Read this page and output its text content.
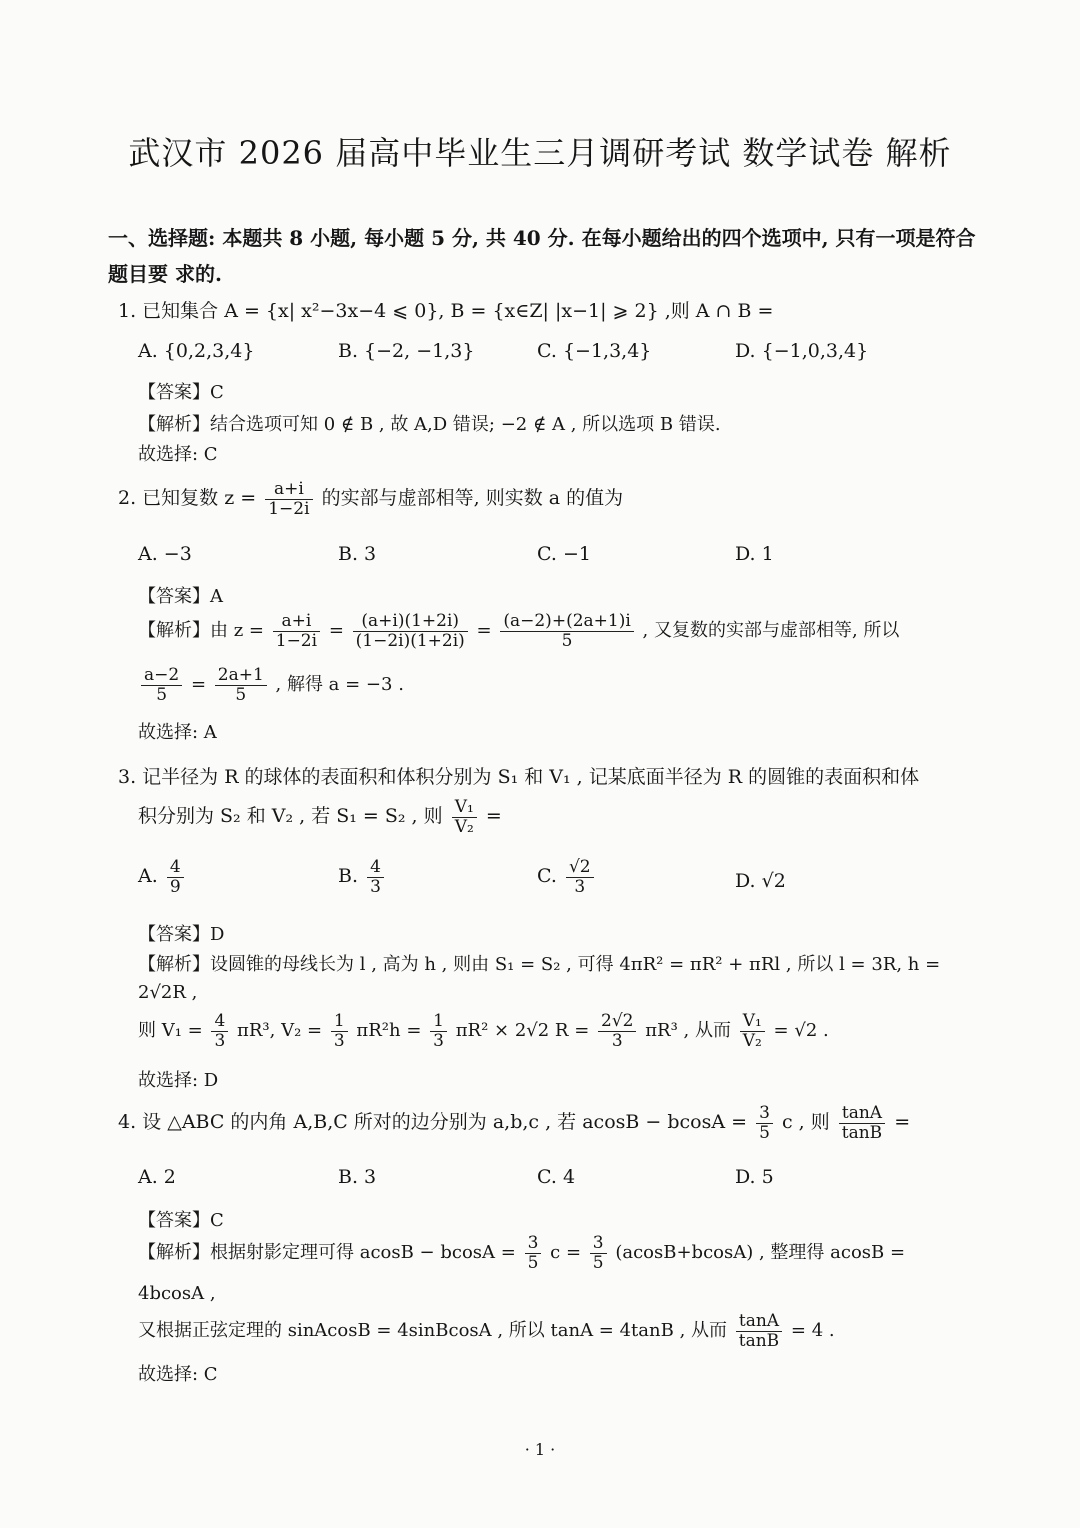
武汉市 2026 届高中毕业生三月调研考试 数学试卷 解析
一、选择题: 本题共 8 小题, 每小题 5 分, 共 40 分. 在每小题给出的四个选项中, 只有一项是符合题目要 求的.
1. 已知集合 A = {x| x²−3x−4 ⩽ 0}, B = {x∈Z| |x−1| ⩾ 2} ,则 A ∩ B =
A. {0,2,3,4}	B. {−2, −1,3}	C. {−1,3,4}	D. {−1,0,3,4}
【答案】C
【解析】结合选项可知 0 ∉ B , 故 A,D 错误; −2 ∉ A , 所以选项 B 错误.
故选择: C
2. 已知复数 $z = \frac{a+i}{1-2i}$ 的实部与虚部相等, 则实数 a 的值为
A. −3	B. 3	C. −1	D. 1
【答案】A
【解析】由 $z = \frac{a+i}{1-2i} = \frac{(a+i)(1+2i)}{(1-2i)(1+2i)} = \frac{(a-2)+(2a+1)i}{5}$ , 又复数的实部与虚部相等, 所以
$\frac{a-2}{5} = \frac{2a+1}{5}$ , 解得 a = −3 .
故选择: A
3. 记半径为 R 的球体的表面积和体积分别为 S₁ 和 V₁ , 记某底面半径为 R 的圆锥的表面积和体
积分别为 S₂ 和 V₂ , 若 S₁ = S₂ , 则 $\frac{\text{V₁}}{\text{V₂}}$ =
A. $\frac{4}{9}$	B. $\frac{4}{3}$	C. $\frac{√2}{3}$	D. √2
【答案】D
【解析】设圆锥的母线长为 l , 高为 h , 则由 S₁ = S₂ , 可得 4πR² = πR² + πRl , 所以 l = 3R, h =
2√2R ,
则 $V_1 = \frac{4}{3} \pi R^3$, $V_2 = \frac{1}{3} \pi R^2h = \frac{1}{3} \pi R^2 \times 2√2$ $R = \frac{2√2}{3} \pi R^3$ , 从而 $\frac{\text{V₁}}{\text{V₂}} = √2$ .
故选择: D
4. 设 △ABC 的内角 A,B,C 所对的边分别为 a,b,c , 若 $acosB - bcosA = \frac{3}{5}$ c , 则 $\frac{\tan A}{\tan B}$ =
A. 2	B. 3	C. 4	D. 5
【答案】C
【解析】根据射影定理可得 $acosB - bcosA = \frac{3}{5}$ $c = \frac{3}{5} (acosB+bcosA)$ , 整理得 acosB =
4bcosA ,
又根据正弦定理的 sinAcosB = 4sinBcosA , 所以 tanA = 4tanB , 从而 $\frac{\tan A}{\tan B} = 4$ .
故选择: C
· 1 ·
